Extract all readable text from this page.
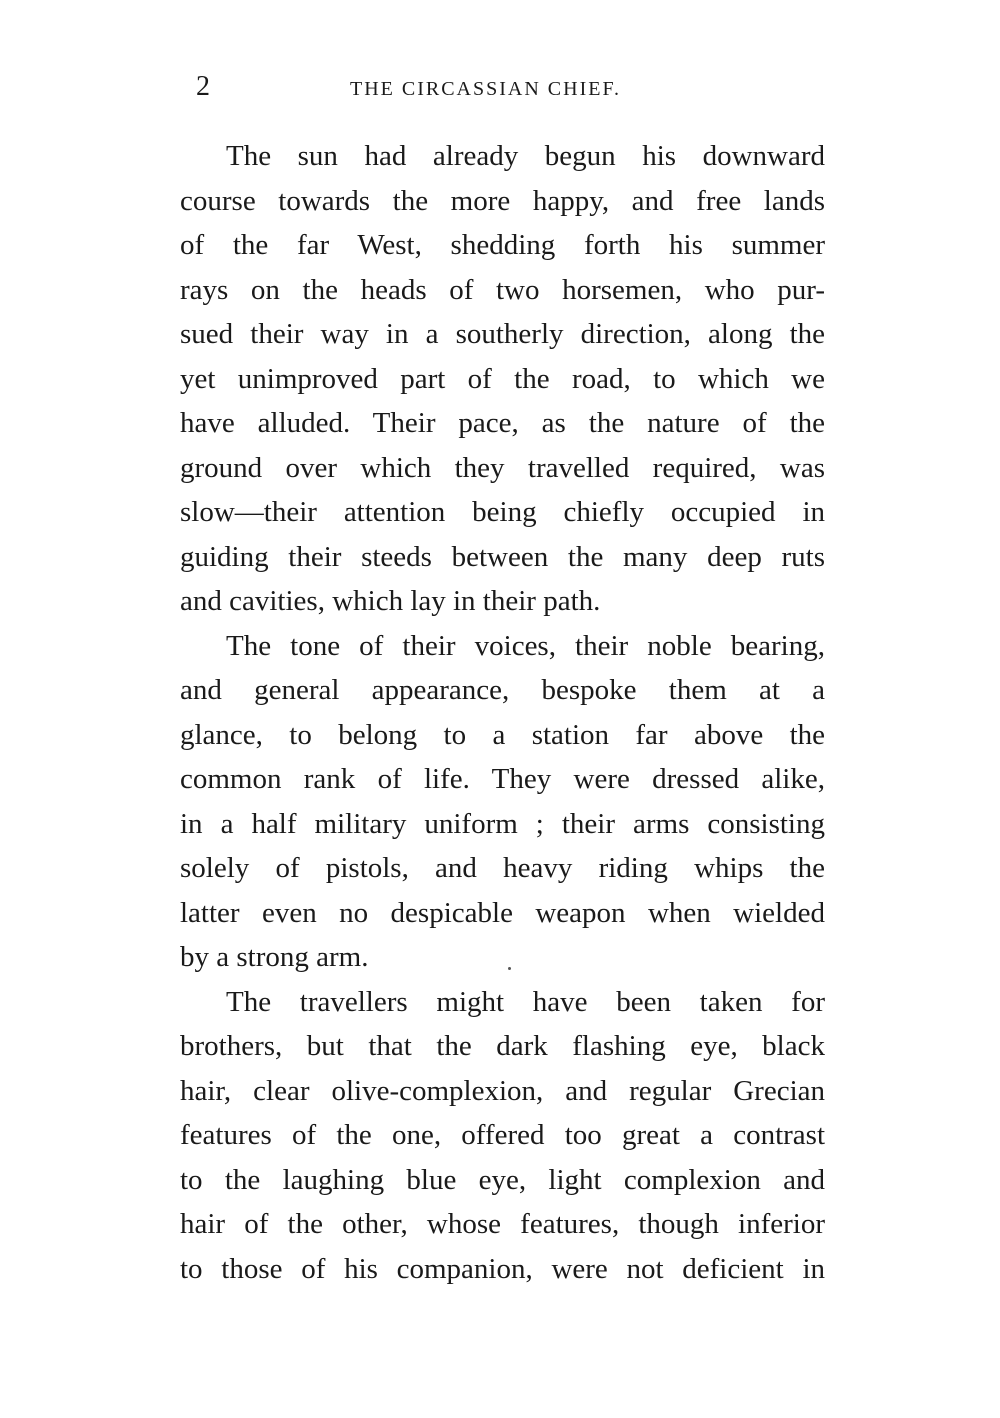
2	THE CIRCASSIAN CHIEF.
The sun had already begun his downward
course towards the more happy, and free lands
of the far West, shedding forth his summer
rays on the heads of two horsemen, who pur-
sued their way in a southerly direction, along the
yet unimproved part of the road, to which we
have alluded. Their pace, as the nature of the
ground over which they travelled required, was
slow—their attention being chiefly occupied in
guiding their steeds between the many deep ruts
and cavities, which lay in their path.
The tone of their voices, their noble bearing,
and general appearance, bespoke them at a
glance, to belong to a station far above the
common rank of life. They were dressed alike,
in a half military uniform ; their arms consisting
solely of pistols, and heavy riding whips the
latter even no despicable weapon when wielded
by a strong arm.
The travellers might have been taken for
brothers, but that the dark flashing eye, black
hair, clear olive-complexion, and regular Grecian
features of the one, offered too great a contrast
to the laughing blue eye, light complexion and
hair of the other, whose features, though inferior
to those of his companion, were not deficient in
